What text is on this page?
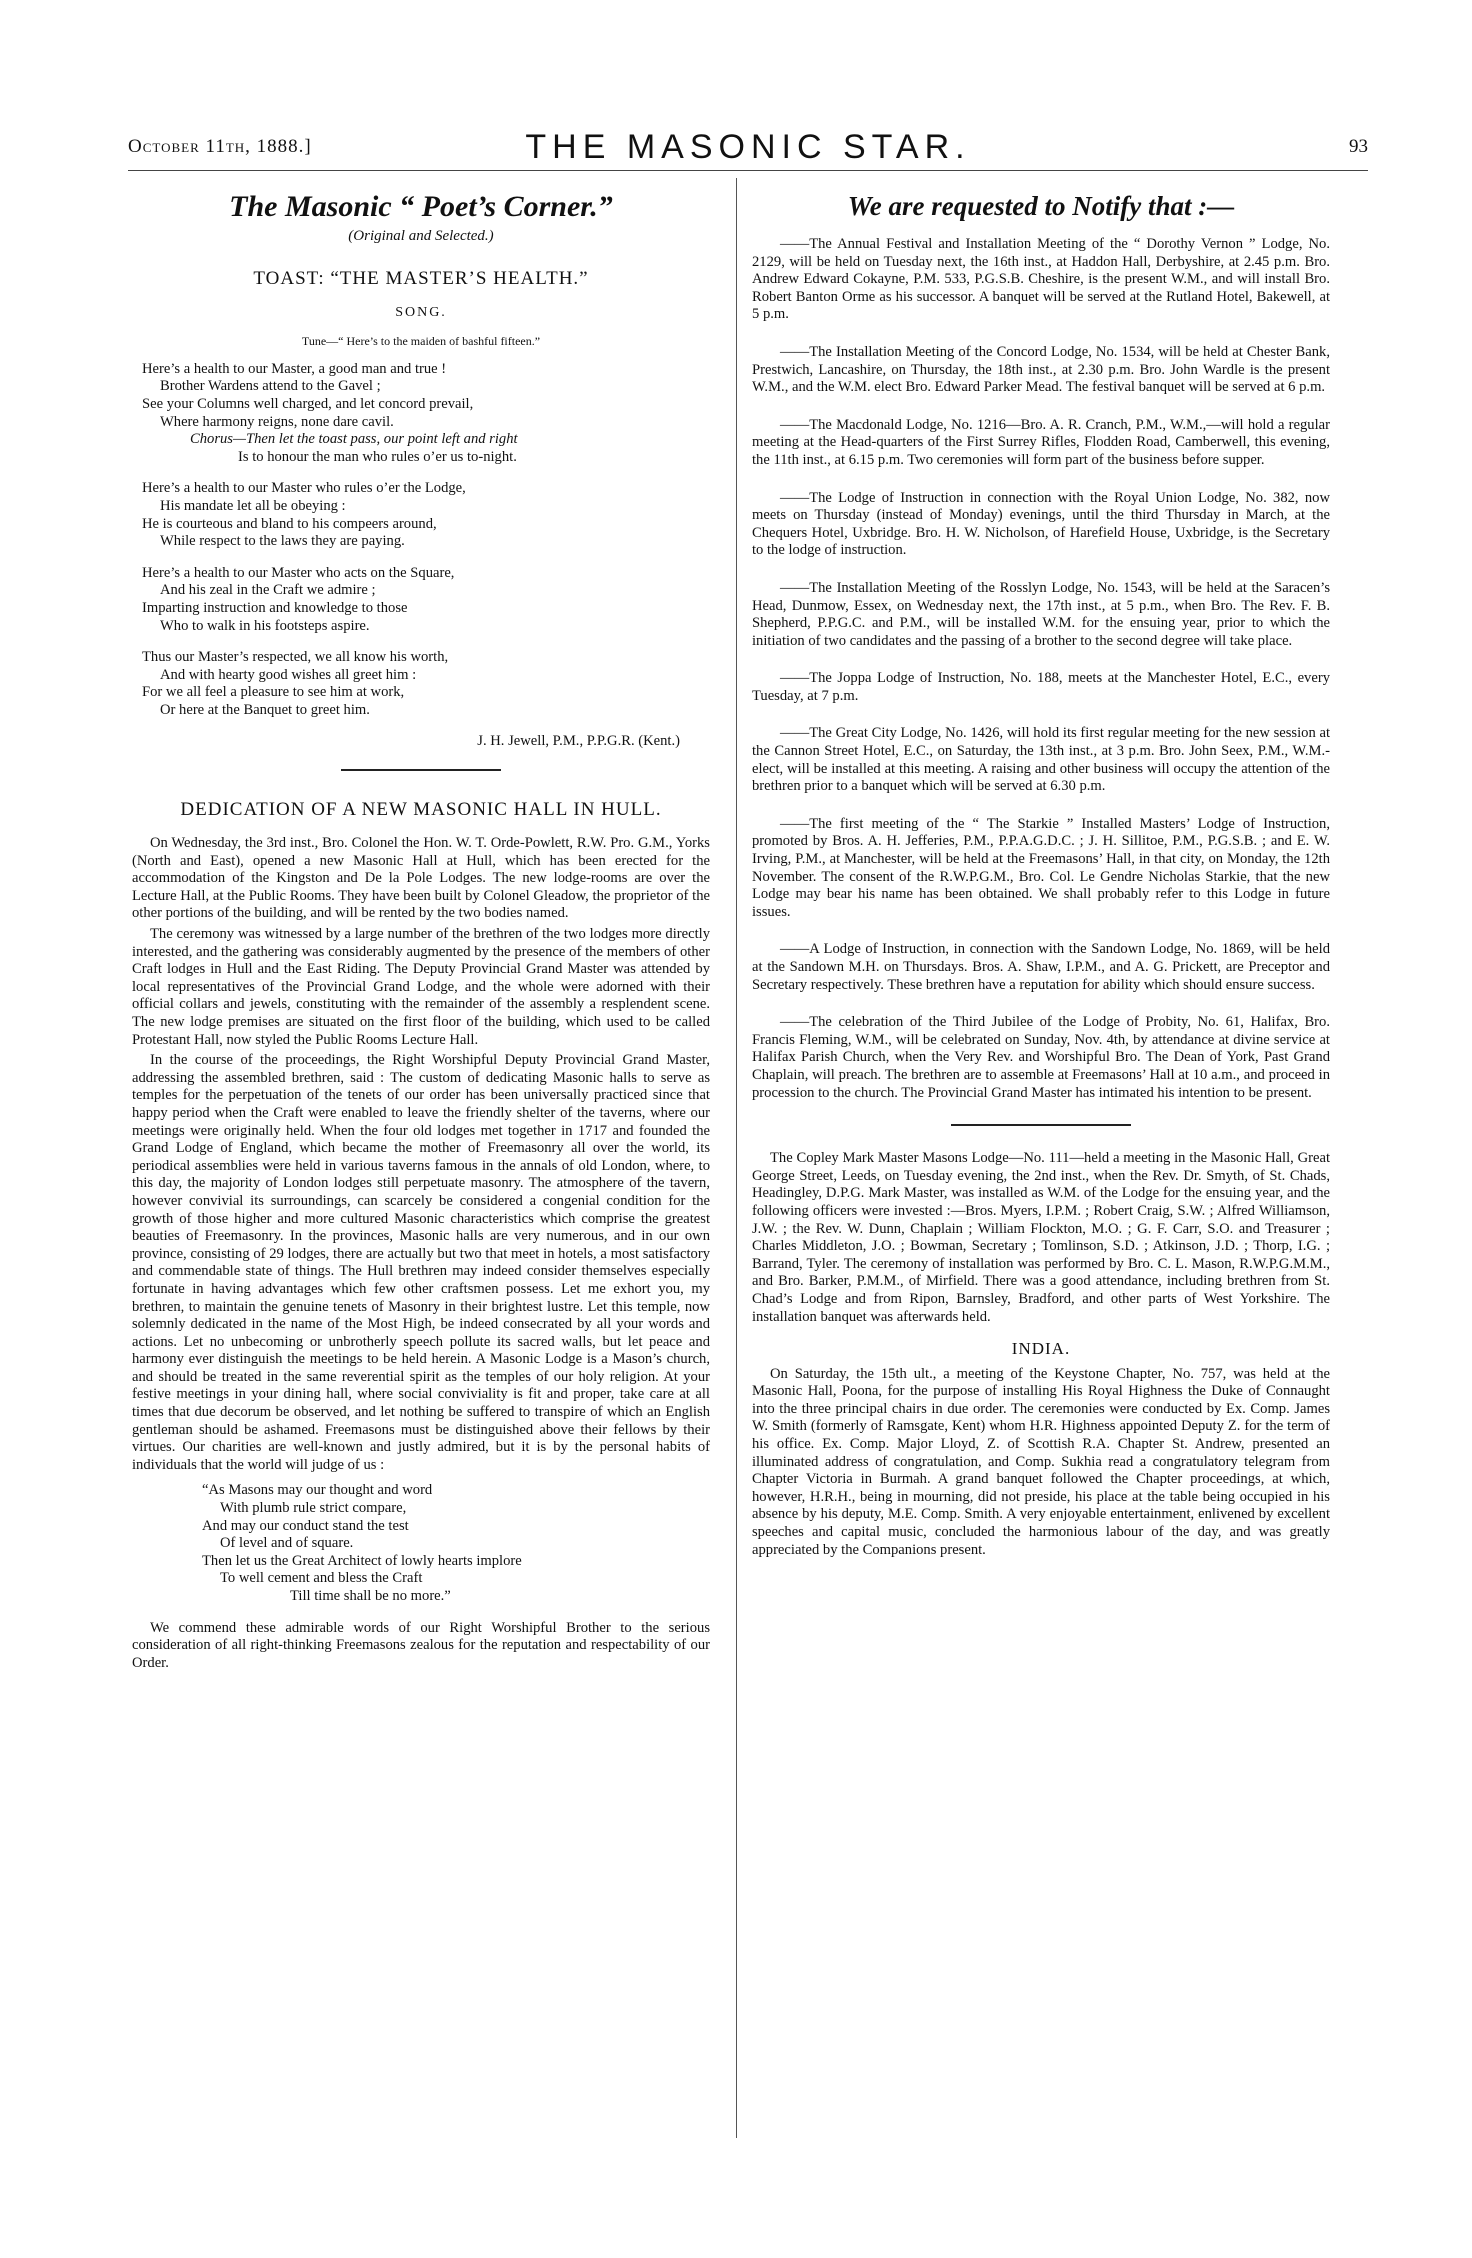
October 11th, 1888.]	THE MASONIC STAR.	93
The Masonic “ Poet’s Corner.”
(Original and Selected.)
TOAST: “THE MASTER’S HEALTH.”
SONG.
Tune—“ Here’s to the maiden of bashful fifteen.”
Here’s a health to our Master, a good man and true !
Brother Wardens attend to the Gavel ;
See your Columns well charged, and let concord prevail,
Where harmony reigns, none dare cavil.
Chorus—Then let the toast pass, our point left and right
Is to honour the man who rules o’er us to-night.
Here’s a health to our Master who rules o’er the Lodge,
His mandate let all be obeying :
He is courteous and bland to his compeers around,
While respect to the laws they are paying.
Here’s a health to our Master who acts on the Square,
And his zeal in the Craft we admire ;
Imparting instruction and knowledge to those
Who to walk in his footsteps aspire.
Thus our Master’s respected, we all know his worth,
And with hearty good wishes all greet him :
For we all feel a pleasure to see him at work,
Or here at the Banquet to greet him.
J. H. Jewell, P.M., P.P.G.R. (Kent.)
DEDICATION OF A NEW MASONIC HALL IN HULL.

On Wednesday, the 3rd inst., Bro. Colonel the Hon. W. T. Orde-Powlett, R.W. Pro. G.M., Yorks (North and East), opened a new Masonic Hall at Hull, which has been erected for the accommodation of the Kingston and De la Pole Lodges. The new lodge-rooms are over the Lecture Hall, at the Public Rooms. They have been built by Colonel Gleadow, the proprietor of the other portions of the building, and will be rented by the two bodies named.

The ceremony was witnessed by a large number of the brethren of the two lodges more directly interested, and the gathering was considerably augmented by the presence of the members of other Craft lodges in Hull and the East Riding. The Deputy Provincial Grand Master was attended by local representatives of the Provincial Grand Lodge, and the whole were adorned with their official collars and jewels, constituting with the remainder of the assembly a resplendent scene. The new lodge premises are situated on the first floor of the building, which used to be called Protestant Hall, now styled the Public Rooms Lecture Hall.

In the course of the proceedings, the Right Worshipful Deputy Provincial Grand Master, addressing the assembled brethren, said : The custom of dedicating Masonic halls to serve as temples for the perpetuation of the tenets of our order has been universally practiced since that happy period when the Craft were enabled to leave the friendly shelter of the taverns, where our meetings were originally held. When the four old lodges met together in 1717 and founded the Grand Lodge of England, which became the mother of Freemasonry all over the world, its periodical assemblies were held in various taverns famous in the annals of old London, where, to this day, the majority of London lodges still perpetuate masonry. The atmosphere of the tavern, however convivial its surroundings, can scarcely be considered a congenial condition for the growth of those higher and more cultured Masonic characteristics which comprise the greatest beauties of Freemasonry. In the provinces, Masonic halls are very numerous, and in our own province, consisting of 29 lodges, there are actually but two that meet in hotels, a most satisfactory and commendable state of things. The Hull brethren may indeed consider themselves especially fortunate in having advantages which few other craftsmen possess. Let me exhort you, my brethren, to maintain the genuine tenets of Masonry in their brightest lustre. Let this temple, now solemnly dedicated in the name of the Most High, be indeed consecrated by all your words and actions. Let no unbecoming or unbrotherly speech pollute its sacred walls, but let peace and harmony ever distinguish the meetings to be held herein. A Masonic Lodge is a Mason’s church, and should be treated in the same reverential spirit as the temples of our holy religion. At your festive meetings in your dining hall, where social conviviality is fit and proper, take care at all times that due decorum be observed, and let nothing be suffered to transpire of which an English gentleman should be ashamed. Freemasons must be distinguished above their fellows by their virtues. Our charities are well-known and justly admired, but it is by the personal habits of individuals that the world will judge of us :

“As Masons may our thought and word
With plumb rule strict compare,
And may our conduct stand the test
Of level and of square.
Then let us the Great Architect of lowly hearts implore
To well cement and bless the Craft
Till time shall be no more.”

We commend these admirable words of our Right Worshipful Brother to the serious consideration of all right-thinking Freemasons zealous for the reputation and respectability of our Order.

We are requested to Notify that :—

——The Annual Festival and Installation Meeting of the “ Dorothy Vernon ” Lodge, No. 2129, will be held on Tuesday next, the 16th inst., at Haddon Hall, Derbyshire, at 2.45 p.m. Bro. Andrew Edward Cokayne, P.M. 533, P.G.S.B. Cheshire, is the present W.M., and will install Bro. Robert Banton Orme as his successor. A banquet will be served at the Rutland Hotel, Bakewell, at 5 p.m.

——The Installation Meeting of the Concord Lodge, No. 1534, will be held at Chester Bank, Prestwich, Lancashire, on Thursday, the 18th inst., at 2.30 p.m. Bro. John Wardle is the present W.M., and the W.M. elect Bro. Edward Parker Mead. The festival banquet will be served at 6 p.m.

——The Macdonald Lodge, No. 1216—Bro. A. R. Cranch, P.M., W.M.,—will hold a regular meeting at the Head-quarters of the First Surrey Rifles, Flodden Road, Camberwell, this evening, the 11th inst., at 6.15 p.m. Two ceremonies will form part of the business before supper.

——The Lodge of Instruction in connection with the Royal Union Lodge, No. 382, now meets on Thursday (instead of Monday) evenings, until the third Thursday in March, at the Chequers Hotel, Uxbridge. Bro. H. W. Nicholson, of Harefield House, Uxbridge, is the Secretary to the lodge of instruction.

——The Installation Meeting of the Rosslyn Lodge, No. 1543, will be held at the Saracen’s Head, Dunmow, Essex, on Wednesday next, the 17th inst., at 5 p.m., when Bro. The Rev. F. B. Shepherd, P.P.G.C. and P.M., will be installed W.M. for the ensuing year, prior to which the initiation of two candidates and the passing of a brother to the second degree will take place.

——The Joppa Lodge of Instruction, No. 188, meets at the Manchester Hotel, E.C., every Tuesday, at 7 p.m.

——The Great City Lodge, No. 1426, will hold its first regular meeting for the new session at the Cannon Street Hotel, E.C., on Saturday, the 13th inst., at 3 p.m. Bro. John Seex, P.M., W.M.-elect, will be installed at this meeting. A raising and other business will occupy the attention of the brethren prior to a banquet which will be served at 6.30 p.m.

——The first meeting of the “ The Starkie ” Installed Masters’ Lodge of Instruction, promoted by Bros. A. H. Jefferies, P.M., P.P.A.G.D.C. ; J. H. Sillitoe, P.M., P.G.S.B. ; and E. W. Irving, P.M., at Manchester, will be held at the Freemasons’ Hall, in that city, on Monday, the 12th November. The consent of the R.W.P.G.M., Bro. Col. Le Gendre Nicholas Starkie, that the new Lodge may bear his name has been obtained. We shall probably refer to this Lodge in future issues.

——A Lodge of Instruction, in connection with the Sandown Lodge, No. 1869, will be held at the Sandown M.H. on Thursdays. Bros. A. Shaw, I.P.M., and A. G. Prickett, are Preceptor and Secretary respectively. These brethren have a reputation for ability which should ensure success.

——The celebration of the Third Jubilee of the Lodge of Probity, No. 61, Halifax, Bro. Francis Fleming, W.M., will be celebrated on Sunday, Nov. 4th, by attendance at divine service at Halifax Parish Church, when the Very Rev. and Worshipful Bro. The Dean of York, Past Grand Chaplain, will preach. The brethren are to assemble at Freemasons’ Hall at 10 a.m., and proceed in procession to the church. The Provincial Grand Master has intimated his intention to be present.

The Copley Mark Master Masons Lodge—No. 111—held a meeting in the Masonic Hall, Great George Street, Leeds, on Tuesday evening, the 2nd inst., when the Rev. Dr. Smyth, of St. Chads, Headingley, D.P.G. Mark Master, was installed as W.M. of the Lodge for the ensuing year, and the following officers were invested :—Bros. Myers, I.P.M. ; Robert Craig, S.W. ; Alfred Williamson, J.W. ; the Rev. W. Dunn, Chaplain ; William Flockton, M.O. ; G. F. Carr, S.O. and Treasurer ; Charles Middleton, J.O. ; Bowman, Secretary ; Tomlinson, S.D. ; Atkinson, J.D. ; Thorp, I.G. ; Barrand, Tyler. The ceremony of installation was performed by Bro. C. L. Mason, R.W.P.G.M.M., and Bro. Barker, P.M.M., of Mirfield. There was a good attendance, including brethren from St. Chad’s Lodge and from Ripon, Barnsley, Bradford, and other parts of West Yorkshire. The installation banquet was afterwards held.

INDIA.

On Saturday, the 15th ult., a meeting of the Keystone Chapter, No. 757, was held at the Masonic Hall, Poona, for the purpose of installing His Royal Highness the Duke of Connaught into the three principal chairs in due order. The ceremonies were conducted by Ex. Comp. James W. Smith (formerly of Ramsgate, Kent) whom H.R. Highness appointed Deputy Z. for the term of his office. Ex. Comp. Major Lloyd, Z. of Scottish R.A. Chapter St. Andrew, presented an illuminated address of congratulation, and Comp. Sukhia read a congratulatory telegram from Chapter Victoria in Burmah. A grand banquet followed the Chapter proceedings, at which, however, H.R.H., being in mourning, did not preside, his place at the table being occupied in his absence by his deputy, M.E. Comp. Smith. A very enjoyable entertainment, enlivened by excellent speeches and capital music, concluded the harmonious labour of the day, and was greatly appreciated by the Companions present.
